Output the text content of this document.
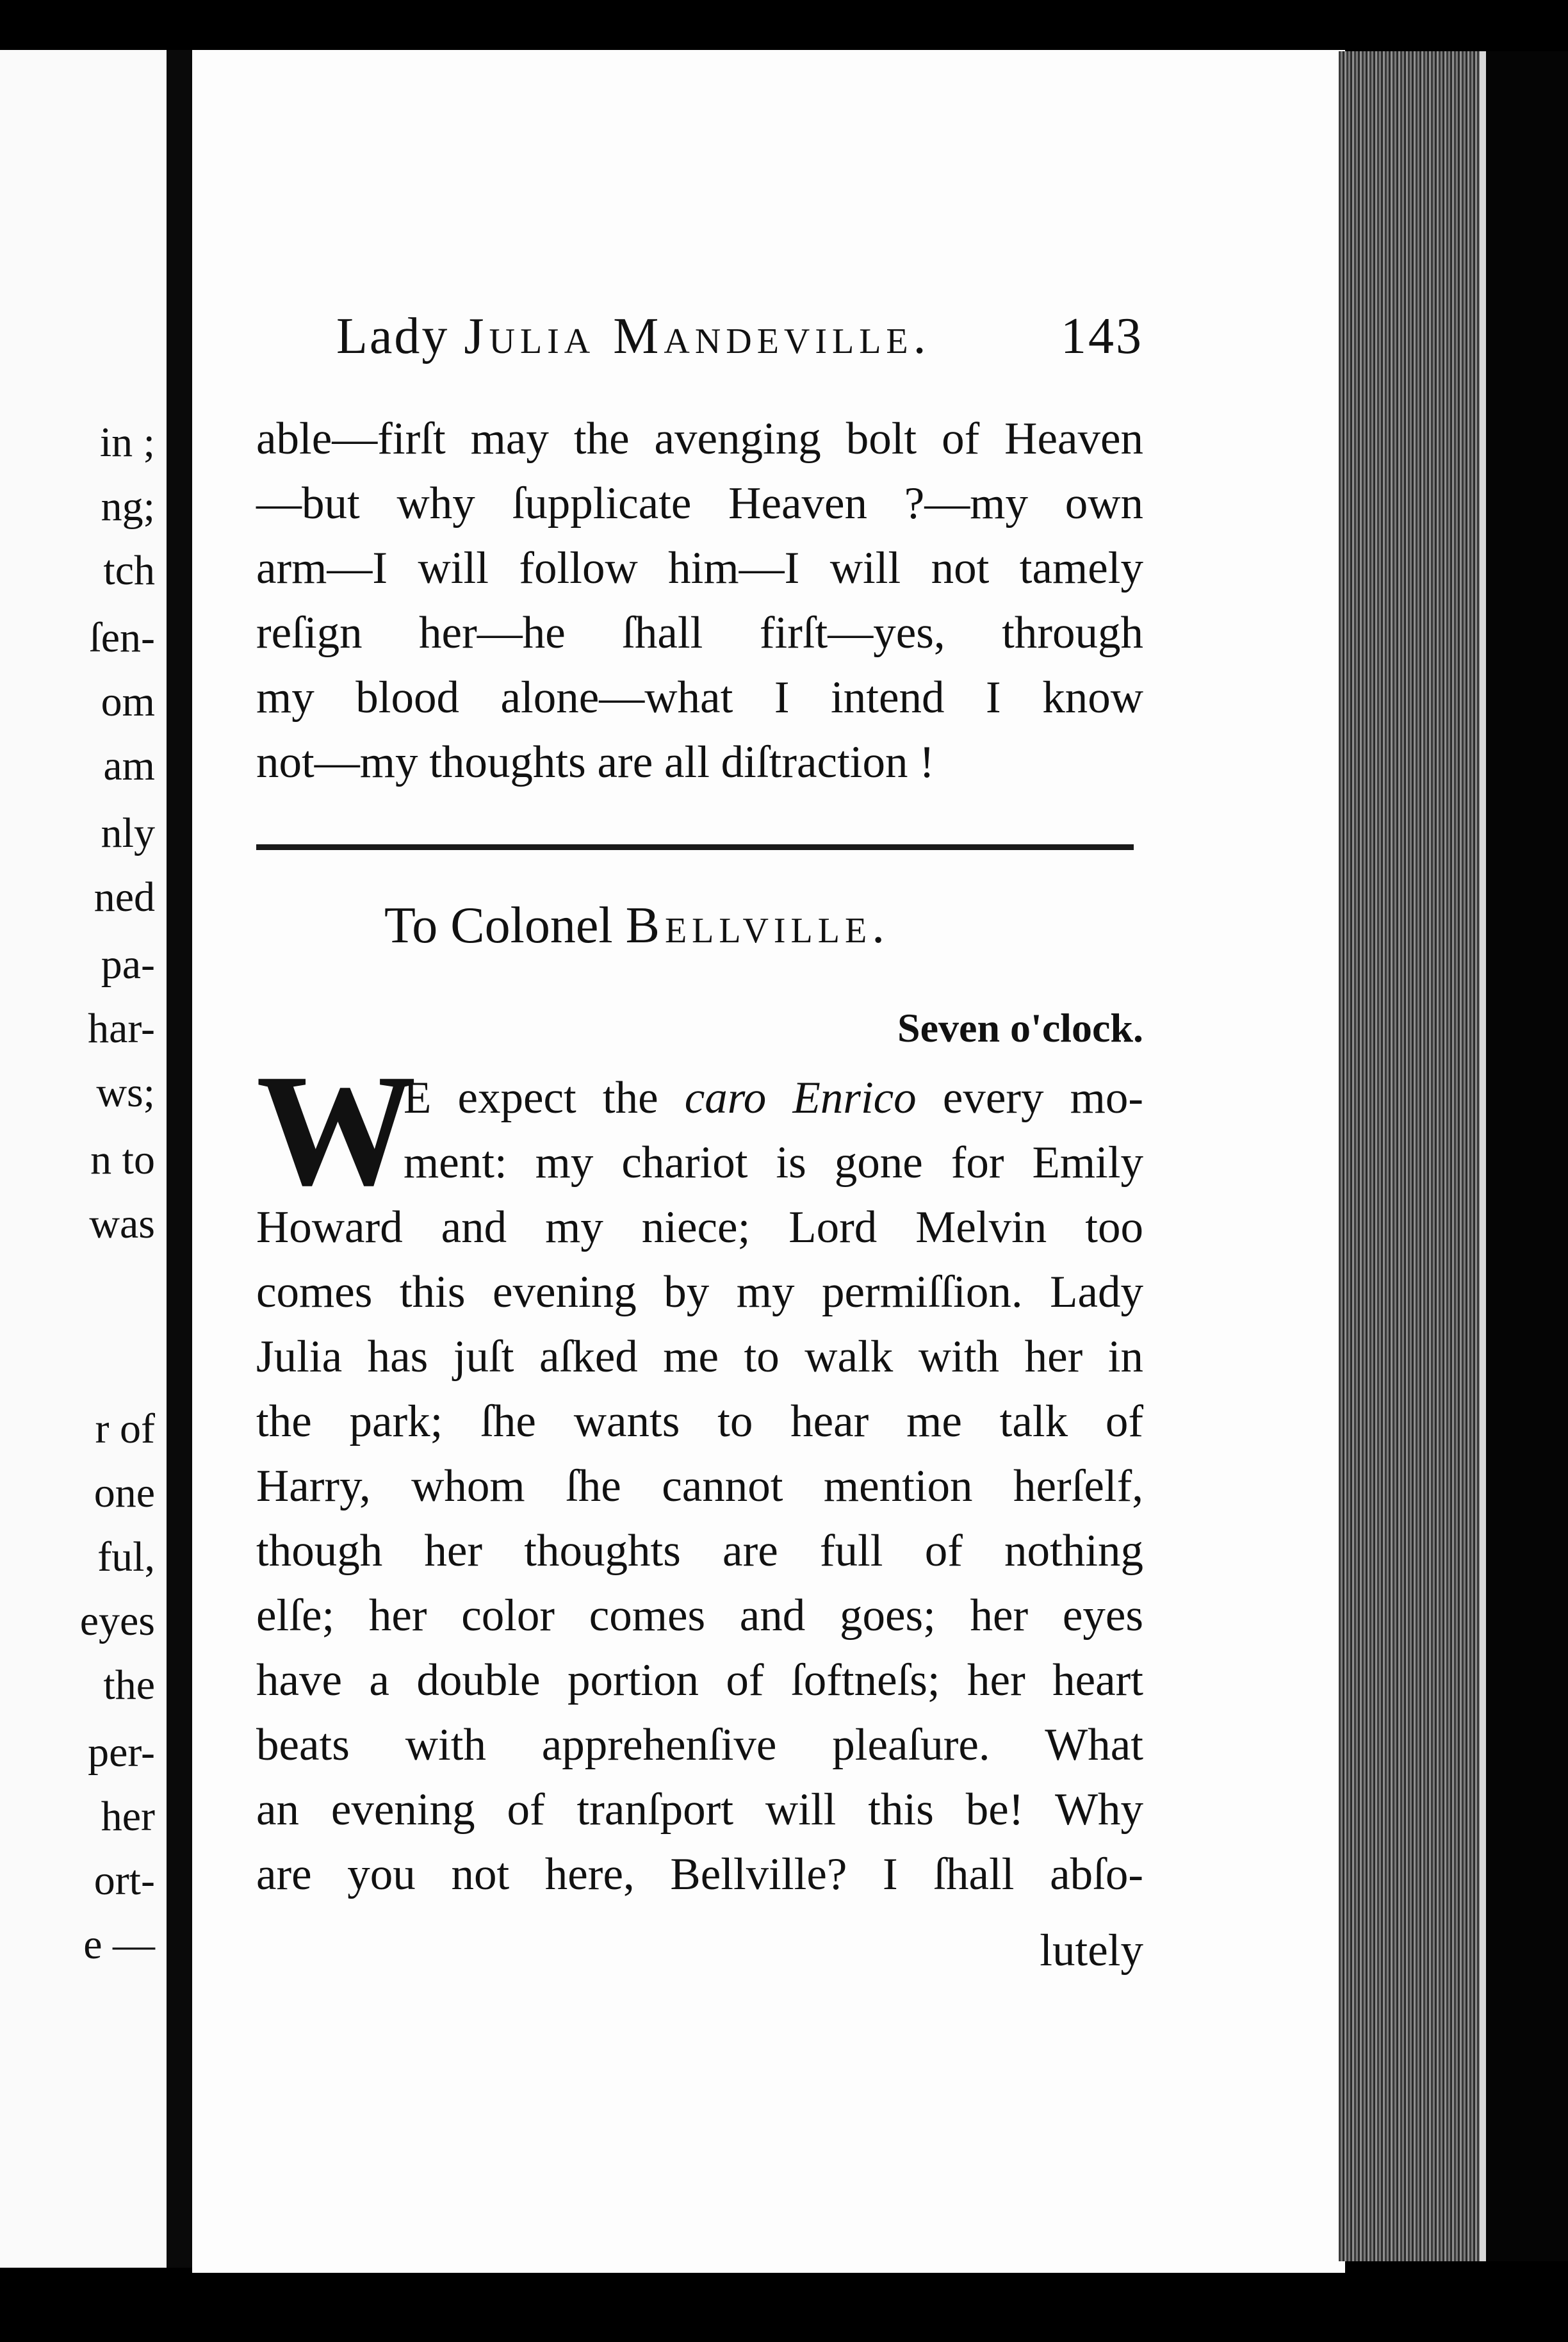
in ;
ng;
tch
ſen-
om
am
nly
ned
pa-
har-
ws;
n to
was
r of
one
ful,
eyes
the
per-
her
ort-
e —
Lady Julia Mandeville.	143
able—firſt may the avenging bolt of Heaven
—but why ſupplicate Heaven ?—my own
arm—I will follow him—I will not tamely
reſign her—he ſhall firſt—yes, through
my blood alone—what I intend I know
not—my thoughts are all diſtraction !
To Colonel Bellville.
Seven o'clock.
W
E expect the caro Enrico every mo-
ment: my chariot is gone for Emily
Howard and my niece; Lord Melvin too
comes this evening by my permiſſion. Lady
Julia has juſt aſked me to walk with her in
the park; ſhe wants to hear me talk of
Harry, whom ſhe cannot mention herſelf,
though her thoughts are full of nothing
elſe; her color comes and goes; her eyes
have a double portion of ſoftneſs; her heart
beats with apprehenſive pleaſure. What
an evening of tranſport will this be! Why
are you not here, Bellville? I ſhall abſo-
lutely
